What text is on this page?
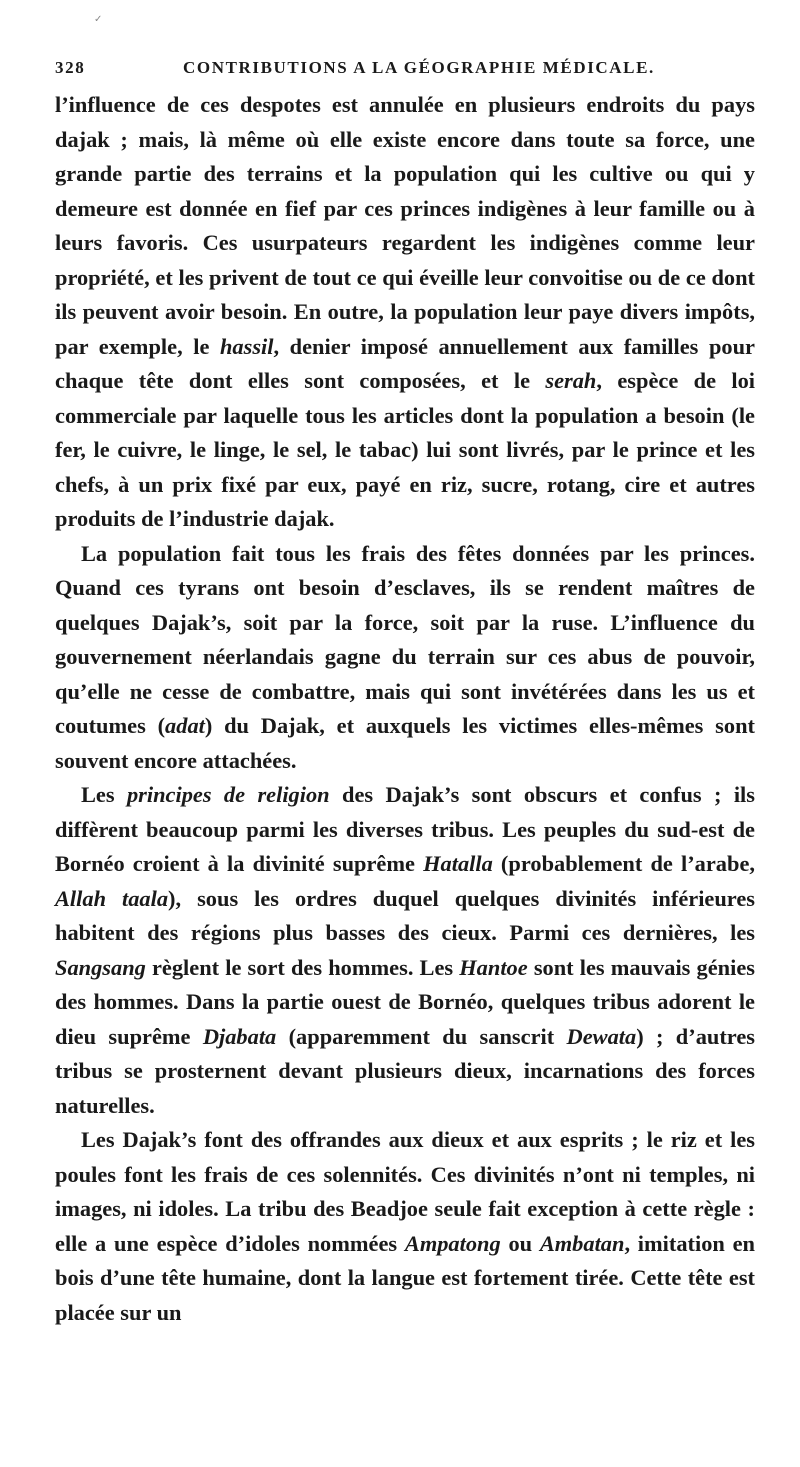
✓
328	CONTRIBUTIONS A LA GÉOGRAPHIE MÉDICALE.

l’influence de ces despotes est annulée en plusieurs endroits du pays dajak ; mais, là même où elle existe encore dans toute sa force, une grande partie des terrains et la population qui les cultive ou qui y demeure est donnée en fief par ces princes indigènes à leur famille ou à leurs favoris. Ces usurpateurs regardent les indigènes comme leur propriété, et les privent de tout ce qui éveille leur convoitise ou de ce dont ils peuvent avoir besoin. En outre, la population leur paye divers impôts, par exemple, le hassil, denier imposé annuellement aux familles pour chaque tête dont elles sont composées, et le serah, espèce de loi commerciale par laquelle tous les articles dont la population a besoin (le fer, le cuivre, le linge, le sel, le tabac) lui sont livrés, par le prince et les chefs, à un prix fixé par eux, payé en riz, sucre, rotang, cire et autres produits de l’industrie dajak.

La population fait tous les frais des fêtes données par les princes. Quand ces tyrans ont besoin d’esclaves, ils se rendent maîtres de quelques Dajak’s, soit par la force, soit par la ruse. L’influence du gouvernement néerlandais gagne du terrain sur ces abus de pouvoir, qu’elle ne cesse de combattre, mais qui sont invétérées dans les us et coutumes (adat) du Dajak, et auxquels les victimes elles-mêmes sont souvent encore attachées.

Les principes de religion des Dajak’s sont obscurs et confus ; ils diffèrent beaucoup parmi les diverses tribus. Les peuples du sud-est de Bornéo croient à la divinité suprême Hatalla (probablement de l’arabe, Allah taala), sous les ordres duquel quelques divinités inférieures habitent des régions plus basses des cieux. Parmi ces dernières, les Sangsang règlent le sort des hommes. Les Hantoe sont les mauvais génies des hommes. Dans la partie ouest de Bornéo, quelques tribus adorent le dieu suprême Djabata (apparemment du sanscrit Dewata) ; d’autres tribus se prosternent devant plusieurs dieux, incarnations des forces naturelles.

Les Dajak’s font des offrandes aux dieux et aux esprits ; le riz et les poules font les frais de ces solennités. Ces divinités n’ont ni temples, ni images, ni idoles. La tribu des Beadjoe seule fait exception à cette règle : elle a une espèce d’idoles nommées Ampatong ou Ambatan, imitation en bois d’une tête humaine, dont la langue est fortement tirée. Cette tête est placée sur un
